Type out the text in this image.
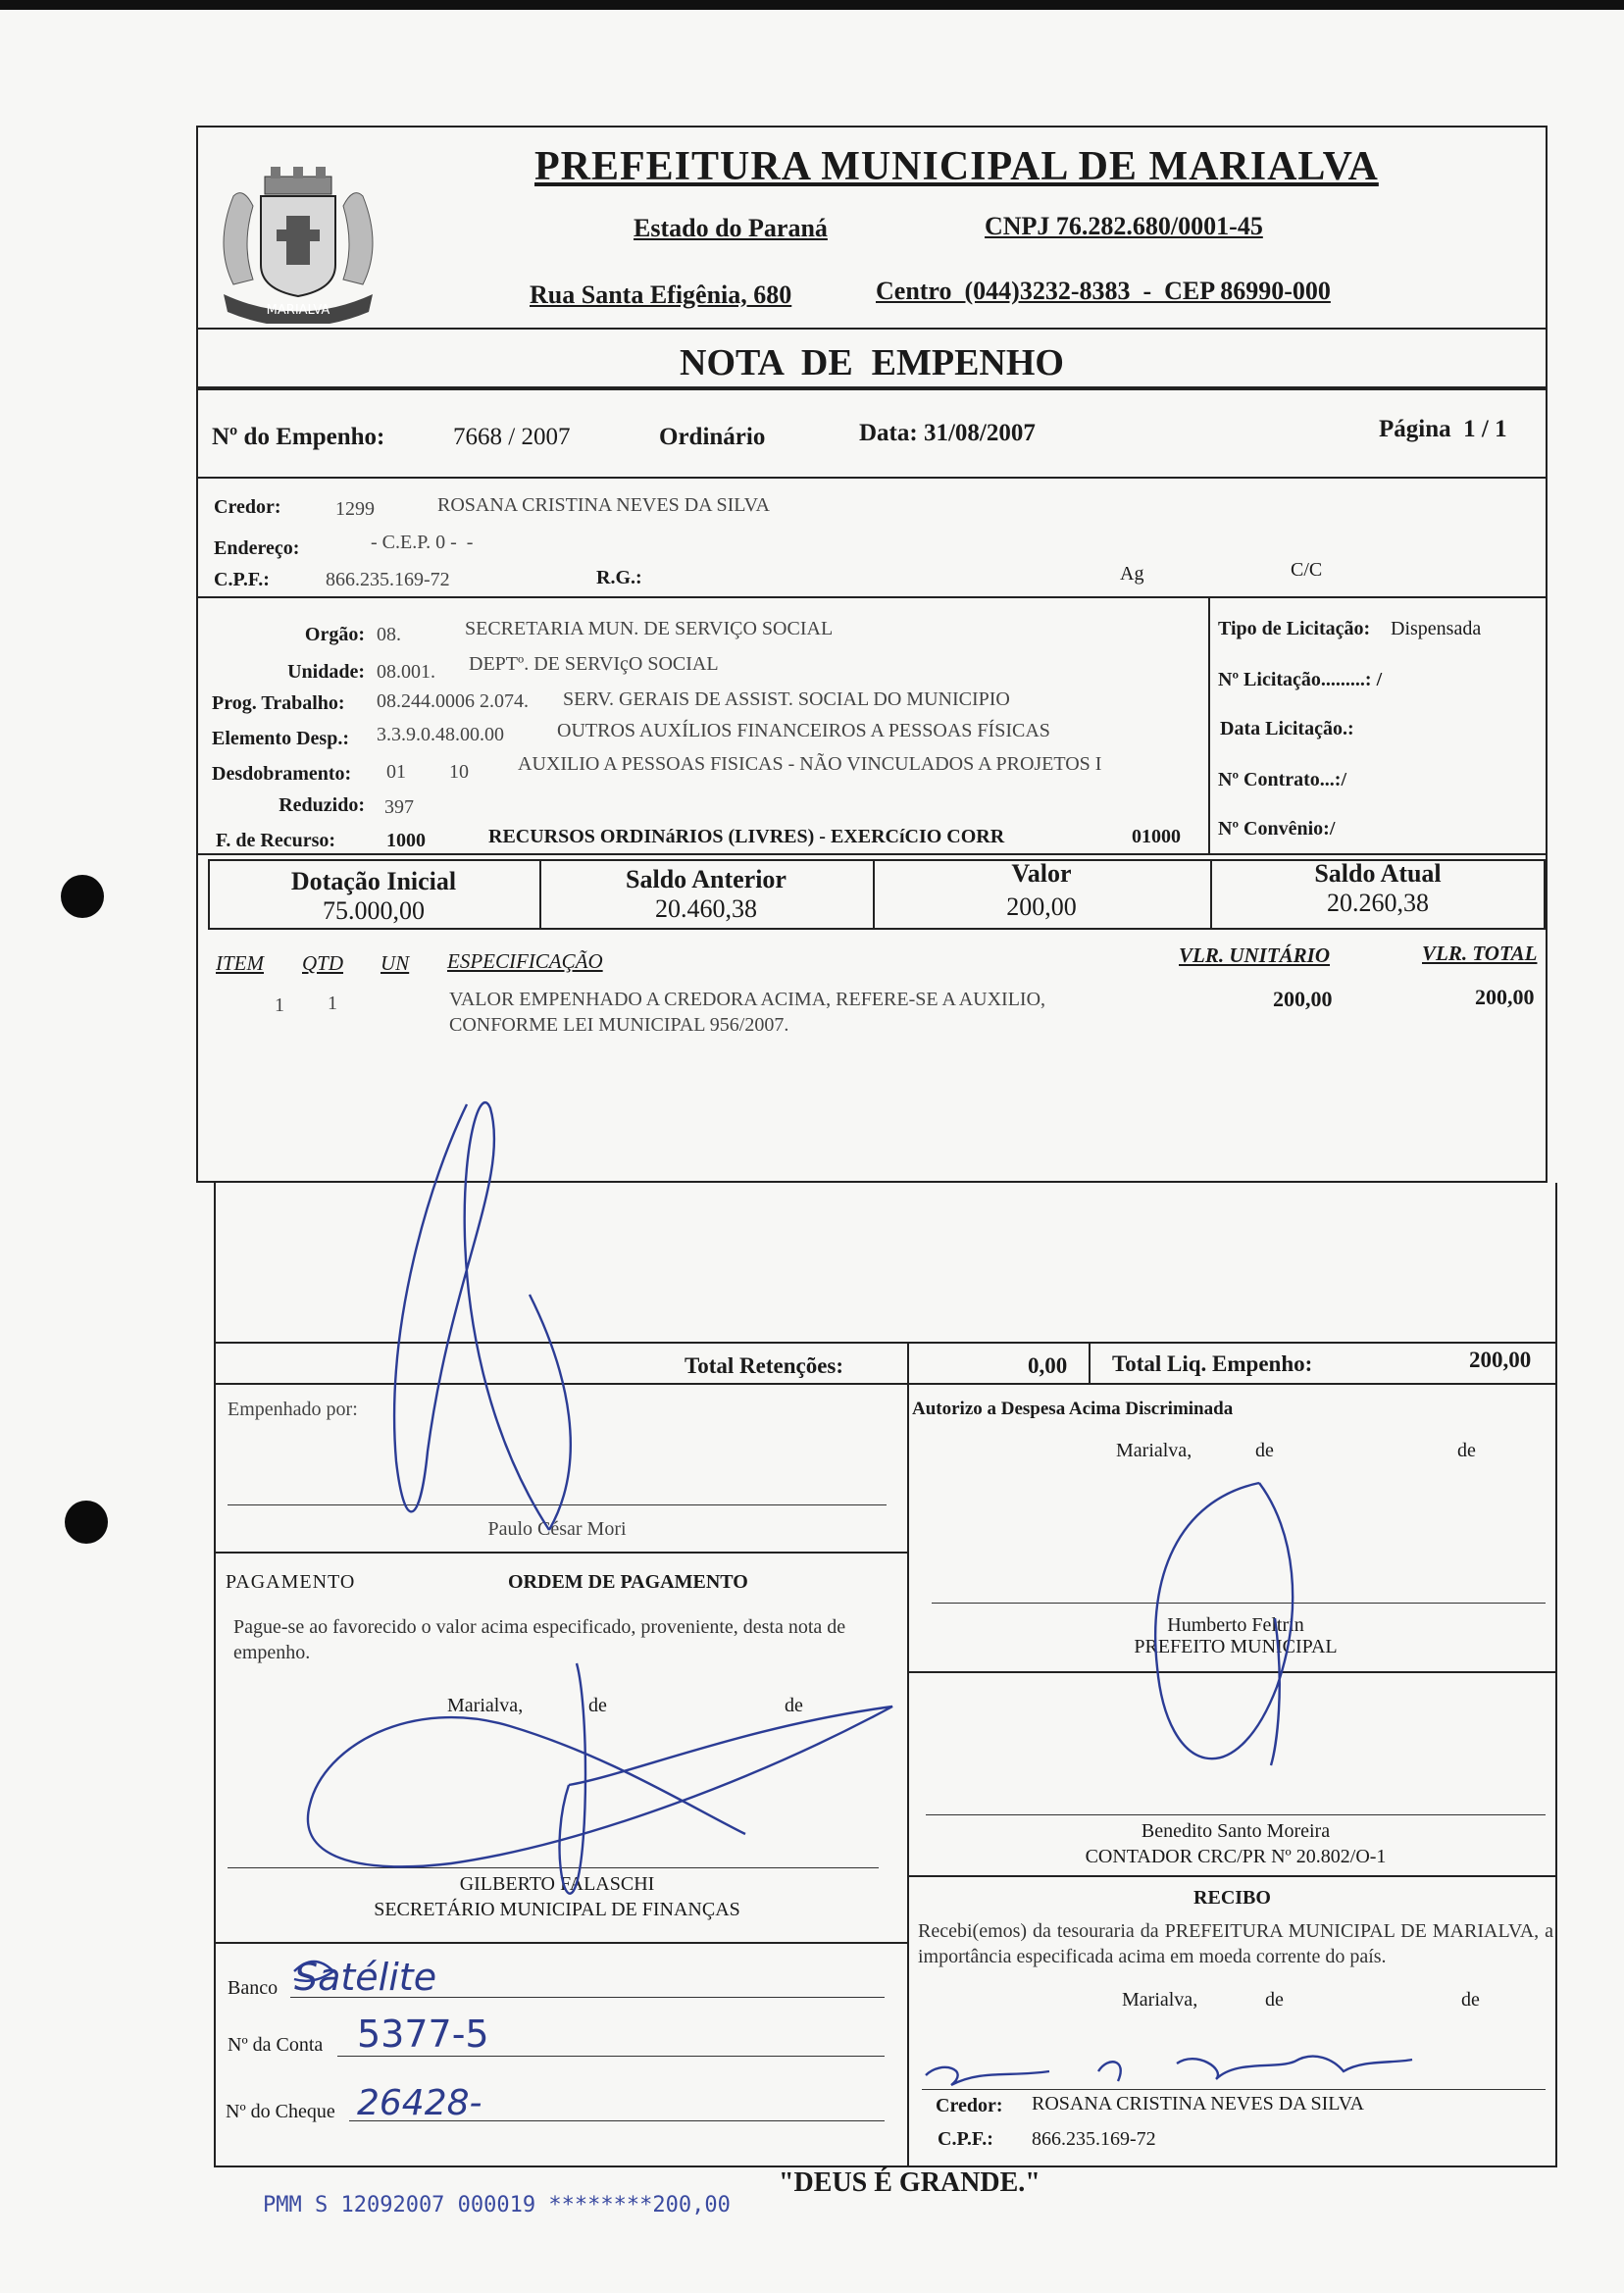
MARIALVA
PREFEITURA MUNICIPAL DE MARIALVA
Estado do Paraná	CNPJ 76.282.680/0001-45
Rua Santa Efigênia, 680	Centro  (044)3232-8383  -  CEP 86990-000
NOTA  DE  EMPENHO
Nº do Empenho:	7668 / 2007	Ordinário	Data: 31/08/2007	Página  1 / 1
Credor:	1299	ROSANA CRISTINA NEVES DA SILVA
Endereço:	- C.E.P. 0 -  -
C.P.F.:	866.235.169-72	R.G.:	Ag	C/C
Orgão: 08.	SECRETARIA MUN. DE SERVIÇO SOCIAL
Unidade: 08.001. DEPTº. DE SERVIçO SOCIAL
Prog. Trabalho: 08.244.0006 2.074. SERV. GERAIS DE ASSIST. SOCIAL DO MUNICIPIO
Elemento Desp.: 3.3.9.0.48.00.00	OUTROS AUXÍLIOS FINANCEIROS A PESSOAS FÍSICAS
Desdobramento: 01 10	AUXILIO A PESSOAS FISICAS - NÃO VINCULADOS A PROJETOS I
Reduzido: 397
F. de Recurso:	1000	RECURSOS ORDINáRIOS (LIVRES) - EXERCíCIO CORR	01000
Tipo de Licitação: Dispensada
Nº Licitação.........: /
Data Licitação.:
Nº Contrato...:/
Nº Convênio:/
Dotação Inicial
75.000,00
Saldo Anterior
20.460,38
Valor
200,00
Saldo Atual
20.260,38
ITEM QTD UN ESPECIFICAÇÃO	VLR. UNITÁRIO	VLR. TOTAL
1 1	VALOR EMPENHADO A CREDORA ACIMA, REFERE-SE A AUXILIO,
CONFORME LEI MUNICIPAL 956/2007.
200,00	200,00
Total Retenções:	0,00 Total Liq. Empenho:	200,00
Empenhado por:
Paulo César Mori
PAGAMENTO	ORDEM DE PAGAMENTO
Pague-se ao favorecido o valor acima especificado, proveniente, desta nota de empenho.
Marialva,	de	de
GILBERTO FALASCHI
SECRETÁRIO MUNICIPAL DE FINANÇAS
Banco Satélite
Nº da Conta 5377-5
Nº do Cheque 26428-
Autorizo a Despesa Acima Discriminada
Marialva,	de	de
Humberto Feltrin
PREFEITO MUNICIPAL
Benedito Santo Moreira
CONTADOR CRC/PR Nº 20.802/O-1
RECIBO
Recebi(emos) da tesouraria da PREFEITURA MUNICIPAL DE MARIALVA, a importância especificada acima em moeda corrente do país.
Marialva,	de	de
Credor: ROSANA CRISTINA NEVES DA SILVA
C.P.F.: 866.235.169-72
PMM S 12092007 000019 ********200,00
"DEUS É GRANDE."
